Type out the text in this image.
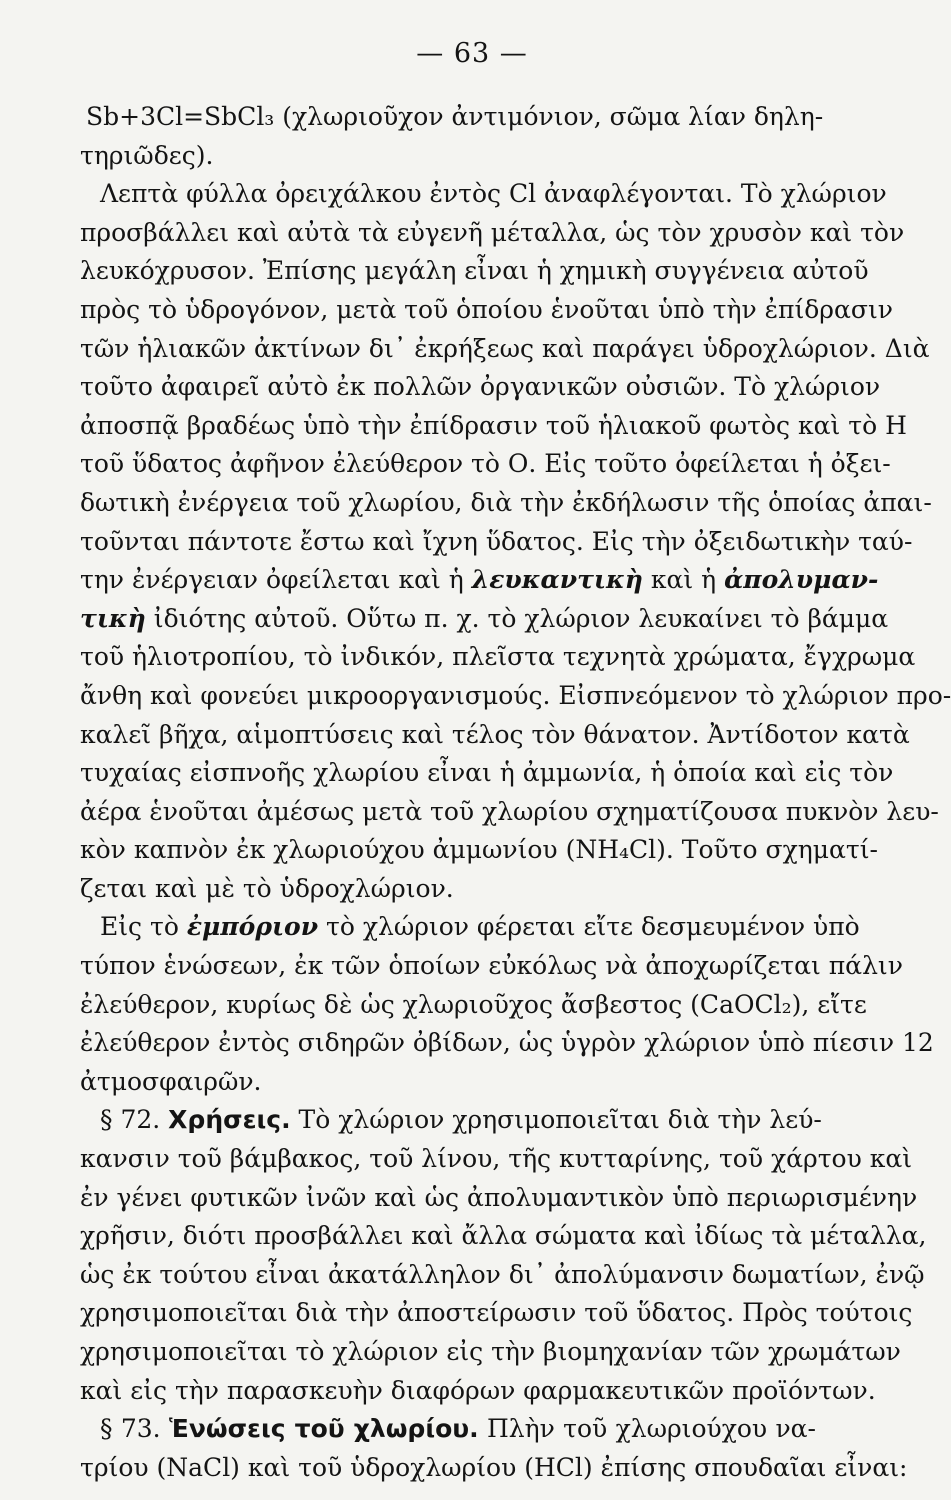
— 63 —
Sb+3Cl=SbCl₃ (χλωριοῦχον ἀντιμόνιον, σῶμα λίαν δηλη-
τηριῶδες).
Λεπτὰ φύλλα ὀρειχάλκου ἐντὸς Cl ἀναφλέγονται. Τὸ χλώριον
προσβάλλει καὶ αὐτὰ τὰ εὐγενῆ μέταλλα, ὡς τὸν χρυσὸν καὶ τὸν
λευκόχρυσον. Ἐπίσης μεγάλη εἶναι ἡ χημικὴ συγγένεια αὐτοῦ
πρὸς τὸ ὑδρογόνον, μετὰ τοῦ ὁποίου ἑνοῦται ὑπὸ τὴν ἐπίδρασιν
τῶν ἡλιακῶν ἀκτίνων δι᾿ ἐκρήξεως καὶ παράγει ὑδροχλώριον. Διὰ
τοῦτο ἀφαιρεῖ αὐτὸ ἐκ πολλῶν ὀργανικῶν οὐσιῶν. Τὸ χλώριον
ἀποσπᾷ βραδέως ὑπὸ τὴν ἐπίδρασιν τοῦ ἡλιακοῦ φωτὸς καὶ τὸ Η
τοῦ ὕδατος ἀφῆνον ἐλεύθερον τὸ Ο. Εἰς τοῦτο ὀφείλεται ἡ ὀξει-
δωτικὴ ἐνέργεια τοῦ χλωρίου, διὰ τὴν ἐκδήλωσιν τῆς ὁποίας ἀπαι-
τοῦνται πάντοτε ἔστω καὶ ἴχνη ὕδατος. Εἰς τὴν ὀξειδωτικὴν ταύ-
την ἐνέργειαν ὀφείλεται καὶ ἡ λευκαντικὴ καὶ ἡ ἀπολυμαν-
τικὴ ἰδιότης αὐτοῦ. Οὕτω π. χ. τὸ χλώριον λευκαίνει τὸ βάμμα
τοῦ ἡλιοτροπίου, τὸ ἰνδικόν, πλεῖστα τεχνητὰ χρώματα, ἔγχρωμα
ἄνθη καὶ φονεύει μικροοργανισμούς. Εἰσπνεόμενον τὸ χλώριον προ-
καλεῖ βῆχα, αἱμοπτύσεις καὶ τέλος τὸν θάνατον. Ἀντίδοτον κατὰ
τυχαίας εἰσπνοῆς χλωρίου εἶναι ἡ ἀμμωνία, ἡ ὁποία καὶ εἰς τὸν
ἀέρα ἑνοῦται ἀμέσως μετὰ τοῦ χλωρίου σχηματίζουσα πυκνὸν λευ-
κὸν καπνὸν ἐκ χλωριούχου ἀμμωνίου (NH₄Cl). Τοῦτο σχηματί-
ζεται καὶ μὲ τὸ ὑδροχλώριον.
Εἰς τὸ ἐμπόριον τὸ χλώριον φέρεται εἴτε δεσμευμένον ὑπὸ
τύπον ἑνώσεων, ἐκ τῶν ὁποίων εὐκόλως νὰ ἀποχωρίζεται πάλιν
ἐλεύθερον, κυρίως δὲ ὡς χλωριοῦχος ἄσβεστος (CaOCl₂), εἴτε
ἐλεύθερον ἐντὸς σιδηρῶν ὀβίδων, ὡς ὑγρὸν χλώριον ὑπὸ πίεσιν 12
ἀτμοσφαιρῶν.
§ 72. Χρήσεις. Τὸ χλώριον χρησιμοποιεῖται διὰ τὴν λεύ-
κανσιν τοῦ βάμβακος, τοῦ λίνου, τῆς κυτταρίνης, τοῦ χάρτου καὶ
ἐν γένει φυτικῶν ἰνῶν καὶ ὡς ἀπολυμαντικὸν ὑπὸ περιωρισμένην
χρῆσιν, διότι προσβάλλει καὶ ἄλλα σώματα καὶ ἰδίως τὰ μέταλλα,
ὡς ἐκ τούτου εἶναι ἀκατάλληλον δι᾿ ἀπολύμανσιν δωματίων, ἐνῷ
χρησιμοποιεῖται διὰ τὴν ἀποστείρωσιν τοῦ ὕδατος. Πρὸς τούτοις
χρησιμοποιεῖται τὸ χλώριον εἰς τὴν βιομηχανίαν τῶν χρωμάτων
καὶ εἰς τὴν παρασκευὴν διαφόρων φαρμακευτικῶν προϊόντων.
§ 73. Ἑνώσεις τοῦ χλωρίου. Πλὴν τοῦ χλωριούχου να-
τρίου (NaCl) καὶ τοῦ ὑδροχλωρίου (HCl) ἐπίσης σπουδαῖαι εἶναι:
